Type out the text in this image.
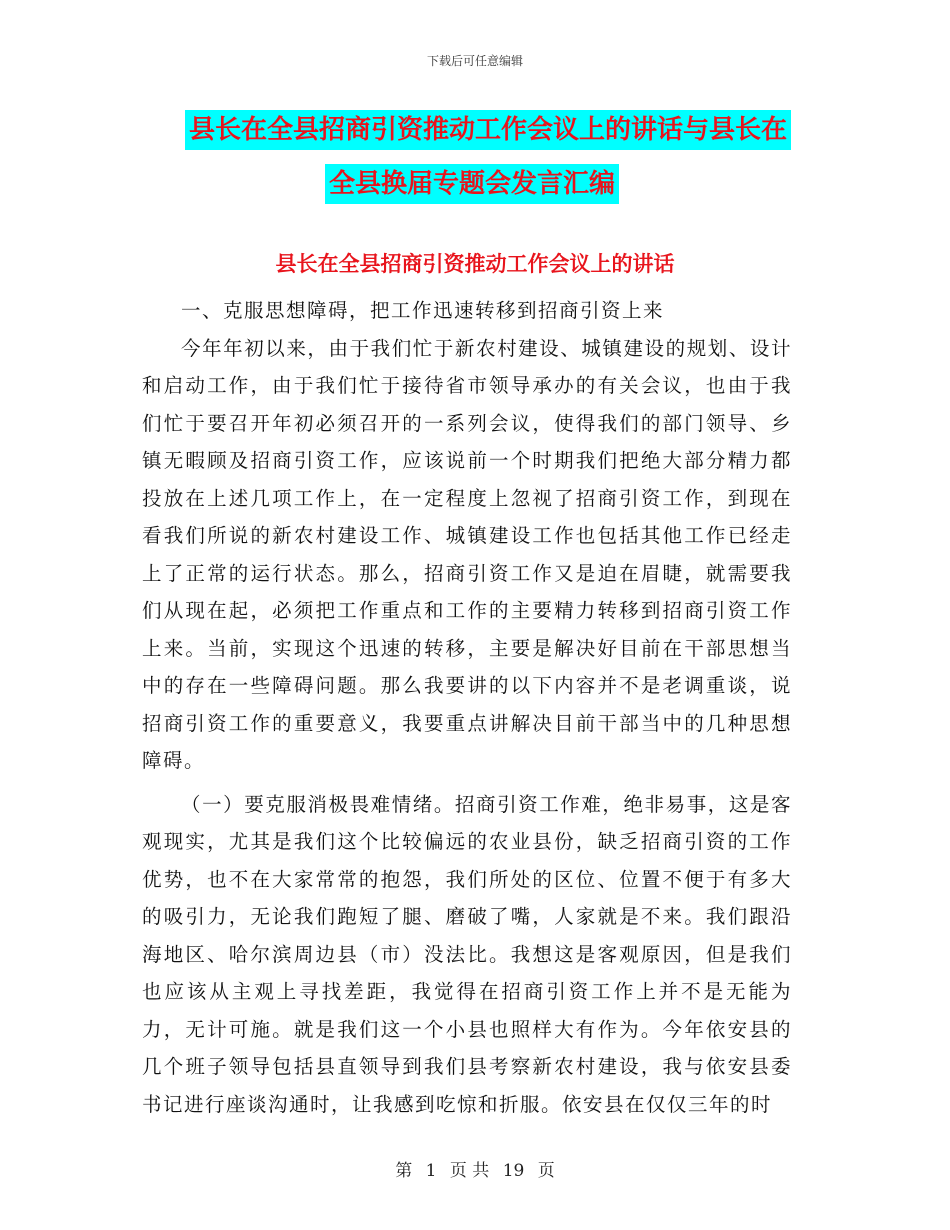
下载后可任意编辑
县长在全县招商引资推动工作会议上的讲话与县长在
全县换届专题会发言汇编
县长在全县招商引资推动工作会议上的讲话

一、克服思想障碍，把工作迅速转移到招商引资上来

今年年初以来，由于我们忙于新农村建设、城镇建设的规划、设计和启动工作，由于我们忙于接待省市领导承办的有关会议，也由于我们忙于要召开年初必须召开的一系列会议，使得我们的部门领导、乡镇无暇顾及招商引资工作，应该说前一个时期我们把绝大部分精力都投放在上述几项工作上，在一定程度上忽视了招商引资工作，到现在看我们所说的新农村建设工作、城镇建设工作也包括其他工作已经走上了正常的运行状态。那么，招商引资工作又是迫在眉睫，就需要我们从现在起，必须把工作重点和工作的主要精力转移到招商引资工作上来。当前，实现这个迅速的转移，主要是解决好目前在干部思想当中的存在一些障碍问题。那么我要讲的以下内容并不是老调重谈，说招商引资工作的重要意义，我要重点讲解决目前干部当中的几种思想障碍。

（一）要克服消极畏难情绪。招商引资工作难，绝非易事，这是客观现实，尤其是我们这个比较偏远的农业县份，缺乏招商引资的工作优势，也不在大家常常的抱怨，我们所处的区位、位置不便于有多大的吸引力，无论我们跑短了腿、磨破了嘴，人家就是不来。我们跟沿海地区、哈尔滨周边县（市）没法比。我想这是客观原因，但是我们也应该从主观上寻找差距，我觉得在招商引资工作上并不是无能为力，无计可施。就是我们这一个小县也照样大有作为。今年依安县的几个班子领导包括县直领导到我们县考察新农村建设，我与依安县委书记进行座谈沟通时，让我感到吃惊和折服。依安县在仅仅三年的时

第 1 页 共 19 页
